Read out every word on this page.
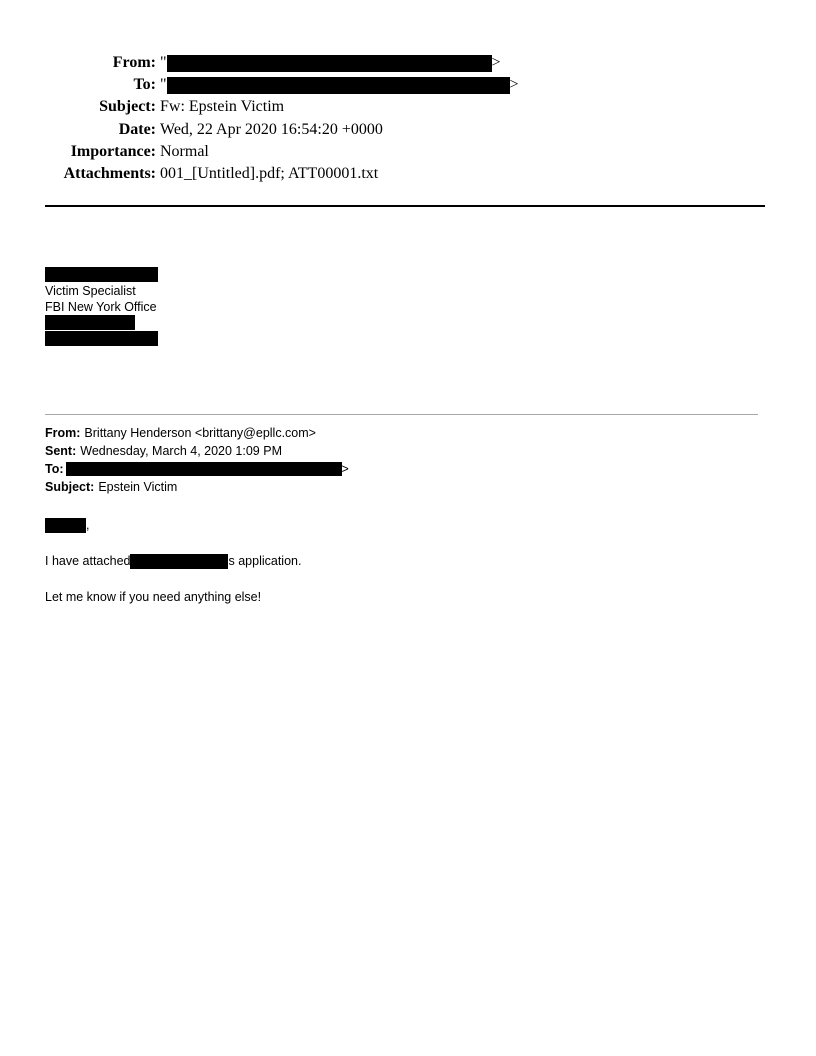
From: "	>
To: "	>
Subject: Fw: Epstein Victim
Date: Wed, 22 Apr 2020 16:54:20 +0000
Importance: Normal
Attachments: 001_[Untitled].pdf; ATT00001.txt
Victim Specialist
FBI New York Office
From: Brittany Henderson <brittany@epllc.com>
Sent: Wednesday, March 4, 2020 1:09 PM
To:	>
Subject: Epstein Victim
,
I have attached	s application.
Let me know if you need anything else!
